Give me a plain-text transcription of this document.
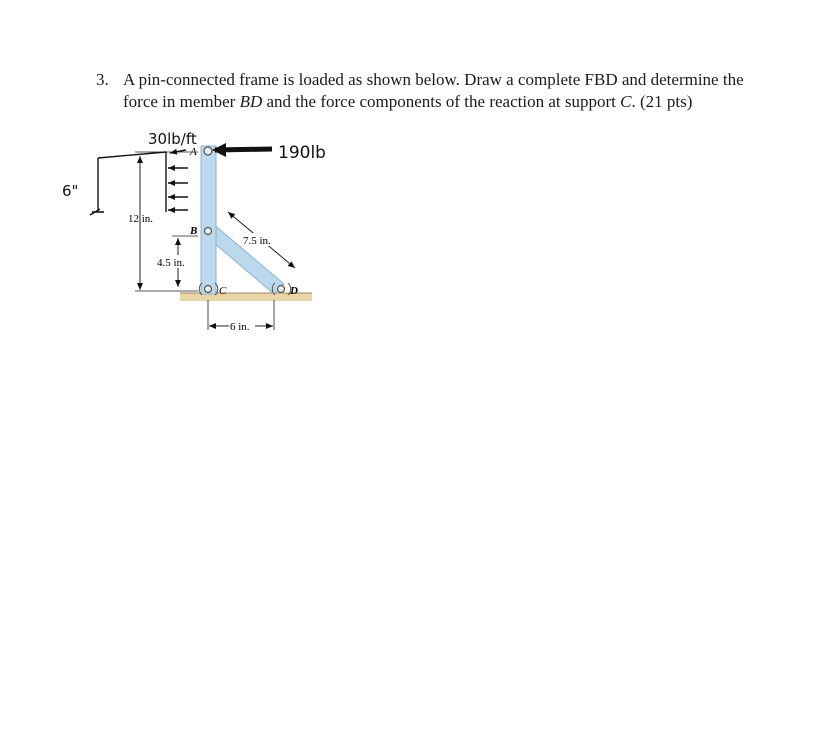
3. A pin-connected frame is loaded as shown below. Draw a complete FBD and determine the
force in member BD and the force components of the reaction at support C. (21 pts)
A
B
C	D
12 in.
4.5 in.
7.5 in.
6 in.
30lb/ft
6"
190lb
